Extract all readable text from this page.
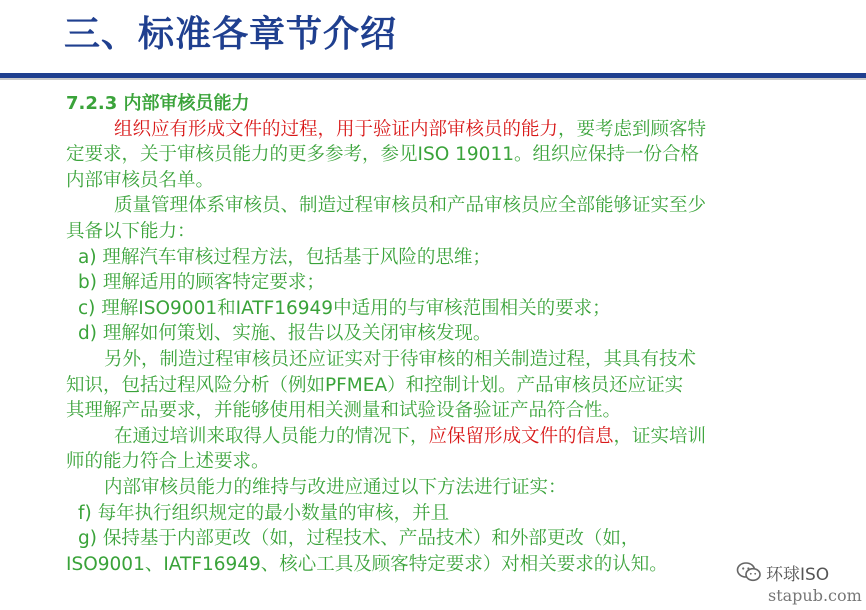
三、标准各章节介绍
7.2.3 内部审核员能力
组织应有形成文件的过程，用于验证内部审核员的能力，要考虑到顾客特
定要求，关于审核员能力的更多参考，参见ISO 19011。组织应保持一份合格
内部审核员名单。
质量管理体系审核员、制造过程审核员和产品审核员应全部能够证实至少
具备以下能力：
a) 理解汽车审核过程方法，包括基于风险的思维；
b) 理解适用的顾客特定要求；
c) 理解ISO9001和IATF16949中适用的与审核范围相关的要求；
d) 理解如何策划、实施、报告以及关闭审核发现。
另外，制造过程审核员还应证实对于待审核的相关制造过程，其具有技术
知识，包括过程风险分析（例如PFMEA）和控制计划。产品审核员还应证实
其理解产品要求，并能够使用相关测量和试验设备验证产品符合性。
在通过培训来取得人员能力的情况下，应保留形成文件的信息，证实培训
师的能力符合上述要求。
内部审核员能力的维持与改进应通过以下方法进行证实：
f) 每年执行组织规定的最小数量的审核，并且
g) 保持基于内部更改（如，过程技术、产品技术）和外部更改（如，
ISO9001、IATF16949、核心工具及顾客特定要求）对相关要求的认知。	环球ISO
stapub.com
